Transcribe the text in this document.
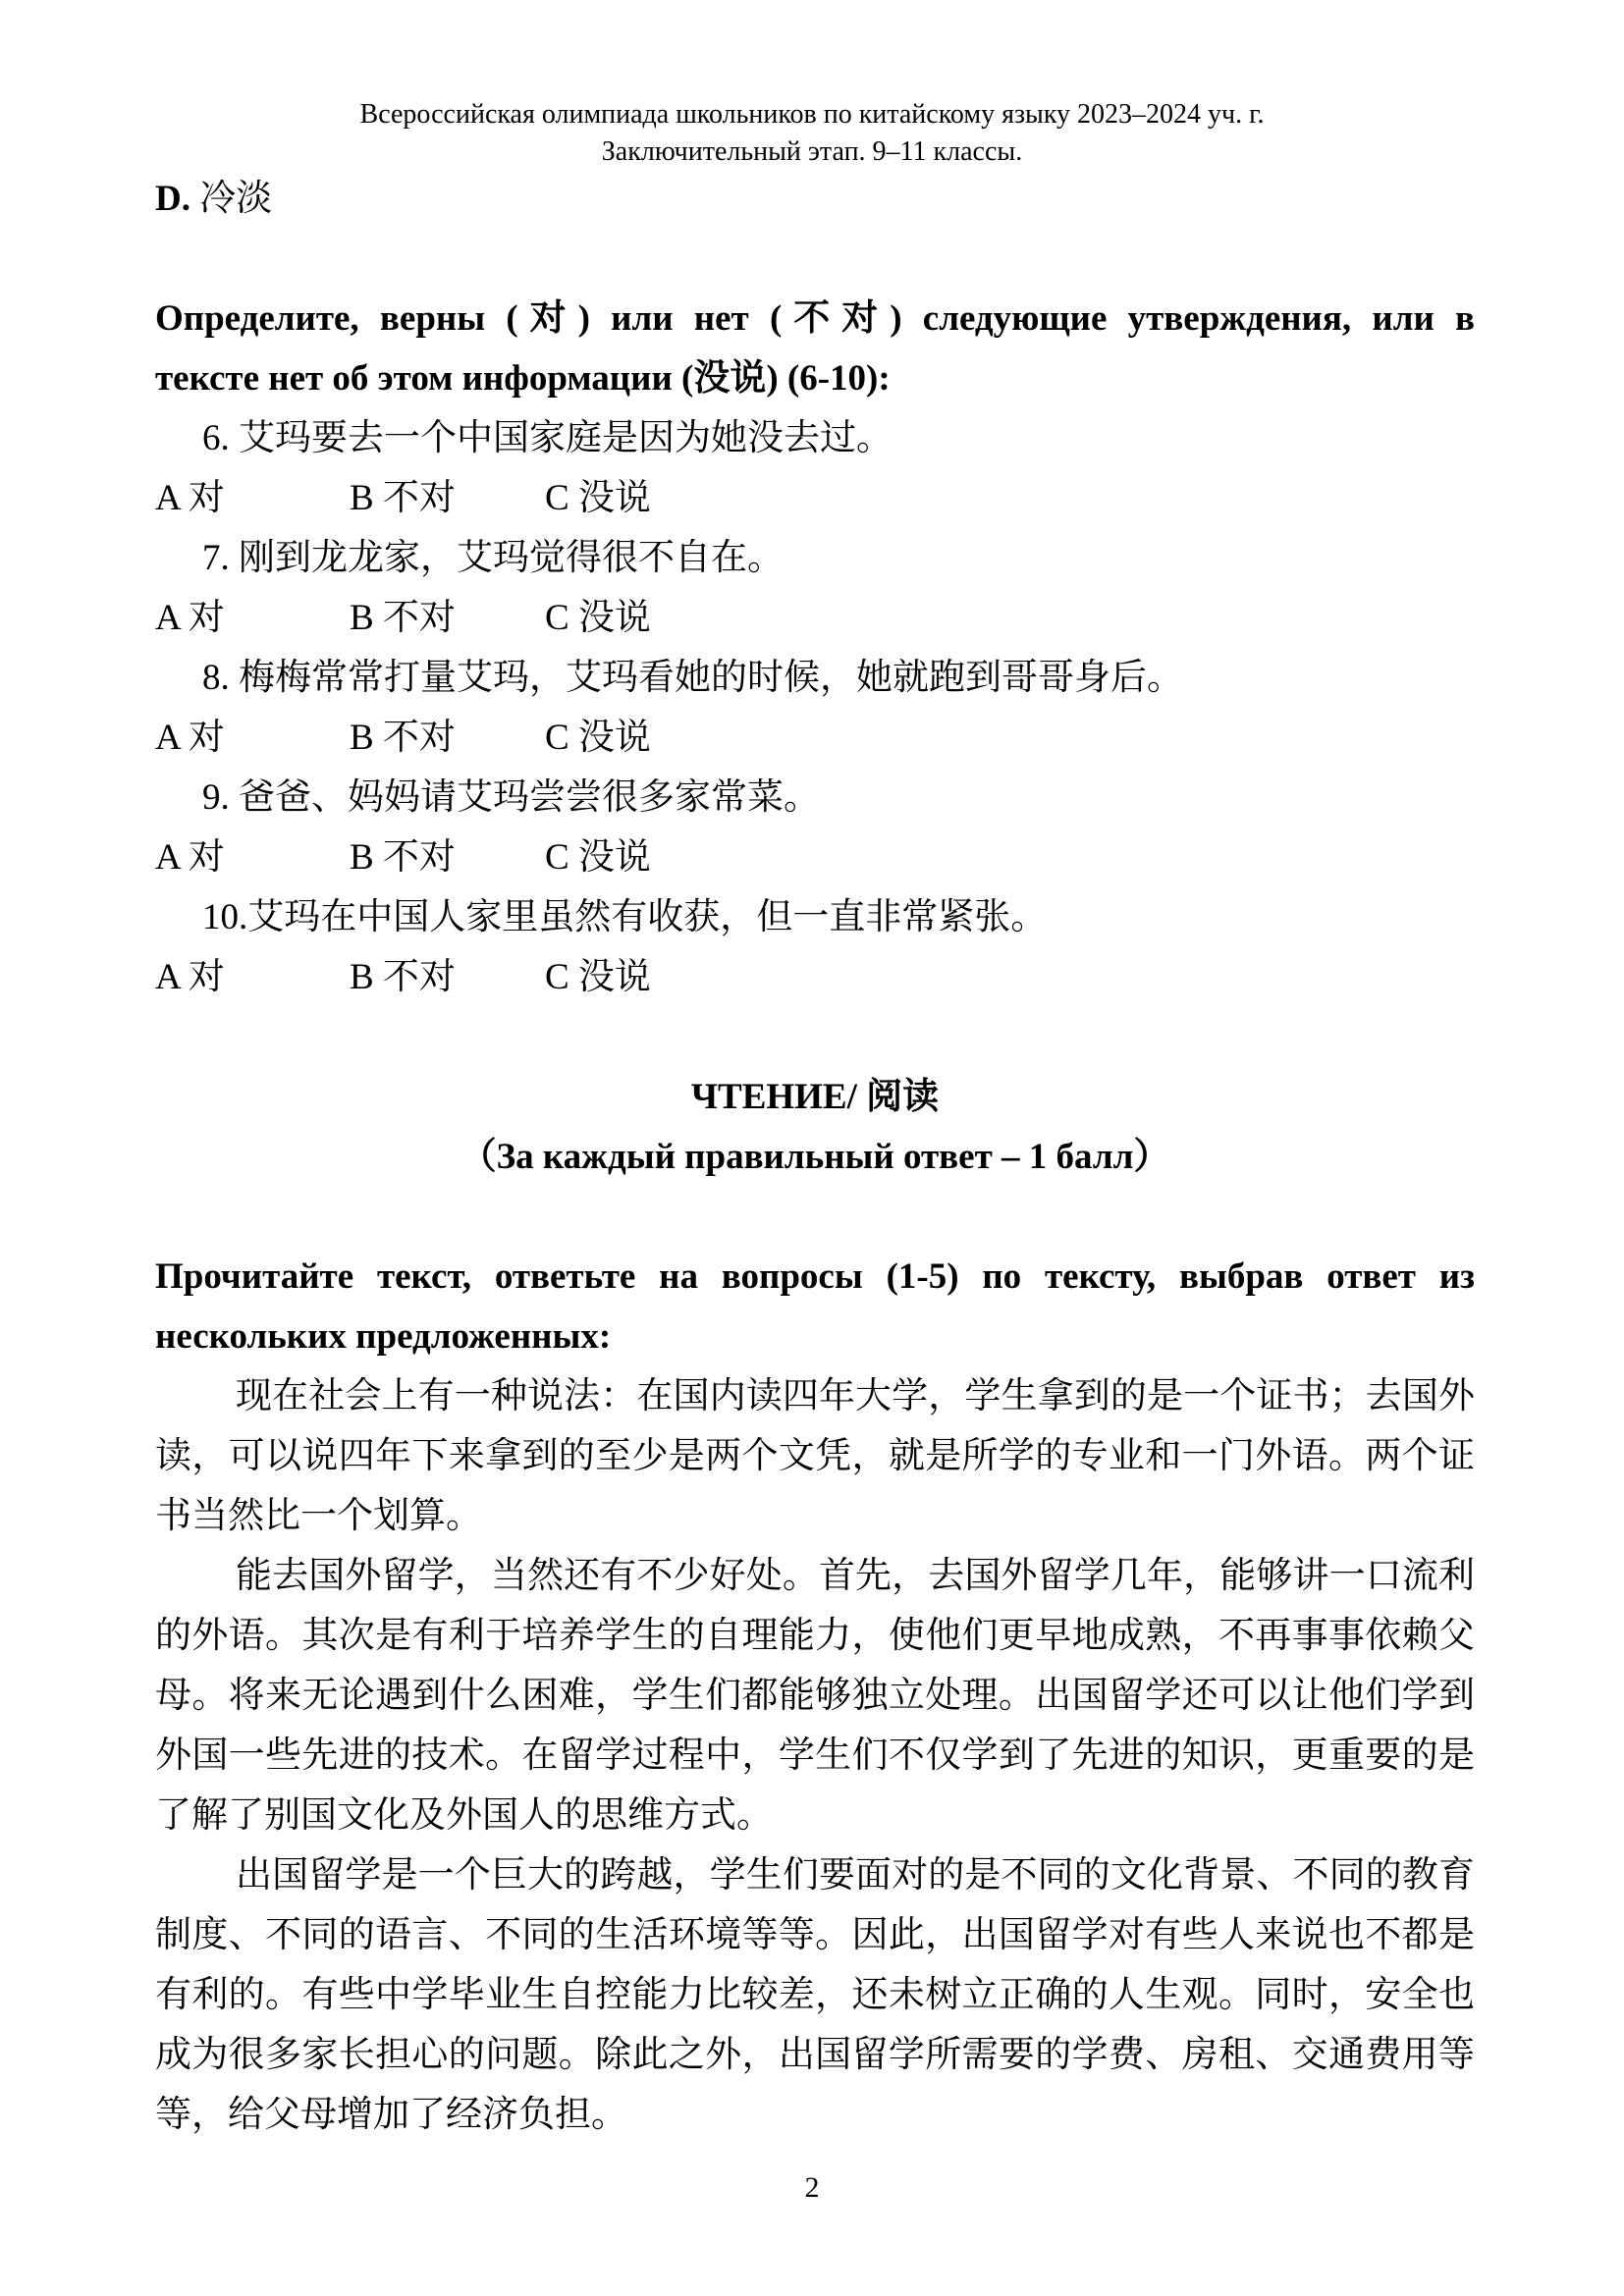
Всероссийская олимпиада школьников по китайскому языку 2023–2024 уч. г.
Заключительный этап. 9–11 классы.
D. 冷淡
Определите, верны (对) или нет (不对) следующие утверждения, или в
тексте нет об этом информации (没说) (6-10):
6. 艾玛要去一个中国家庭是因为她没去过。
A 对	B 不对	C 没说
7. 刚到龙龙家，艾玛觉得很不自在。
A 对	B 不对	C 没说
8. 梅梅常常打量艾玛，艾玛看她的时候，她就跑到哥哥身后。
A 对	B 不对	C 没说
9. 爸爸、妈妈请艾玛尝尝很多家常菜。
A 对	B 不对	C 没说
10.艾玛在中国人家里虽然有收获，但一直非常紧张。
A 对	B 不对	C 没说
ЧТЕНИЕ/ 阅读
（За каждый правильный ответ – 1 балл）
Прочитайте текст, ответьте на вопросы (1-5) по тексту, выбрав ответ из
нескольких предложенных:

现在社会上有一种说法：在国内读四年大学，学生拿到的是一个证书；去国外读，可以说四年下来拿到的至少是两个文凭，就是所学的专业和一门外语。两个证书当然比一个划算。

能去国外留学，当然还有不少好处。首先，去国外留学几年，能够讲一口流利的外语。其次是有利于培养学生的自理能力，使他们更早地成熟，不再事事依赖父母。将来无论遇到什么困难，学生们都能够独立处理。出国留学还可以让他们学到外国一些先进的技术。在留学过程中，学生们不仅学到了先进的知识，更重要的是了解了别国文化及外国人的思维方式。

出国留学是一个巨大的跨越，学生们要面对的是不同的文化背景、不同的教育制度、不同的语言、不同的生活环境等等。因此，出国留学对有些人来说也不都是有利的。有些中学毕业生自控能力比较差，还未树立正确的人生观。同时，安全也成为很多家长担心的问题。除此之外，出国留学所需要的学费、房租、交通费用等等，给父母增加了经济负担。

2
